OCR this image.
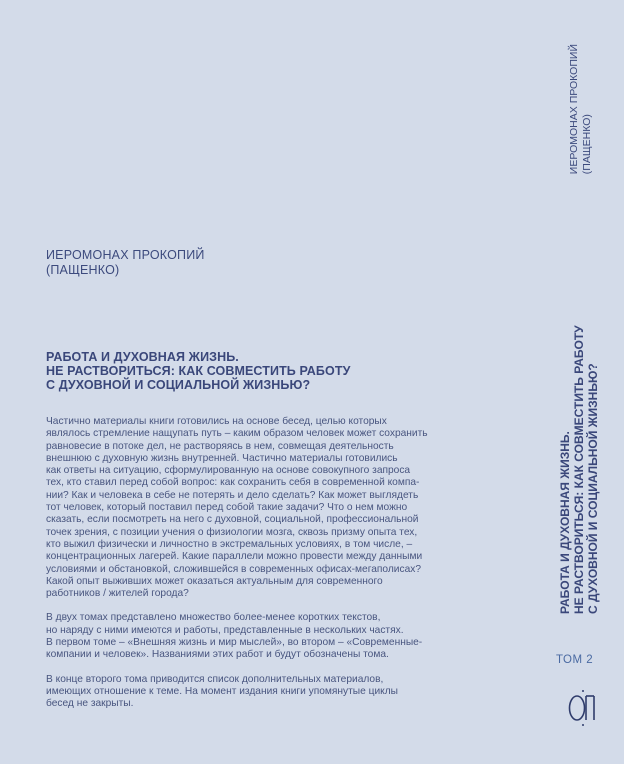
ИЕРОМОНАХ ПРОКОПИЙ
(ПАЩЕНКО)
РАБОТА И ДУХОВНАЯ ЖИЗНЬ.
НЕ РАСТВОРИТЬСЯ: КАК СОВМЕСТИТЬ РАБОТУ
С ДУХОВНОЙ И СОЦИАЛЬНОЙ ЖИЗНЬЮ?

Частично материалы книги готовились на основе бесед, целью которых
являлось стремление нащупать путь – каким образом человек может сохранить
равновесие в потоке дел, не растворяясь в нем, совмещая деятельность
внешнюю с духовную жизнь внутренней. Частично материалы готовились
как ответы на ситуацию, сформулированную на основе совокупного запроса
тех, кто ставил перед собой вопрос: как сохранить себя в современной компа-
нии? Как и человека в себе не потерять и дело сделать? Как может выглядеть
тот человек, который поставил перед собой такие задачи? Что о нем можно
сказать, если посмотреть на него с духовной, социальной, профессиональной
точек зрения, с позиции учения о физиологии мозга, сквозь призму опыта тех,
кто выжил физически и личностно в экстремальных условиях, в том числе, –
концентрационных лагерей. Какие параллели можно провести между данными
условиями и обстановкой, сложившейся в современных офисах-мегаполисах?
Какой опыт выживших может оказаться актуальным для современного
работников / жителей города?

В двух томах представлено множество более-менее коротких текстов,
но наряду с ними имеются и работы, представленные в нескольких частях.
В первом томе – «Внешняя жизнь и мир мыслей», во втором – «Современные-
компании и человек». Названиями этих работ и будут обозначены тома.

В конце второго тома приводится список дополнительных материалов,
имеющих отношение к теме. На момент издания книги упомянутые циклы
бесед не закрыты.

РАБОТА И ДУХОВНАЯ ЖИЗНЬ. НЕ РАСТВОРИТЬСЯ: КАК СОВМЕСТИТЬ РАБОТУ С ДУХОВНОЙ И СОЦИАЛЬНОЙ ЖИЗНЬЮ?
ИЕРОМОНАХ ПРОКОПИЙ (ПАЩЕНКО)
ТОМ 2
